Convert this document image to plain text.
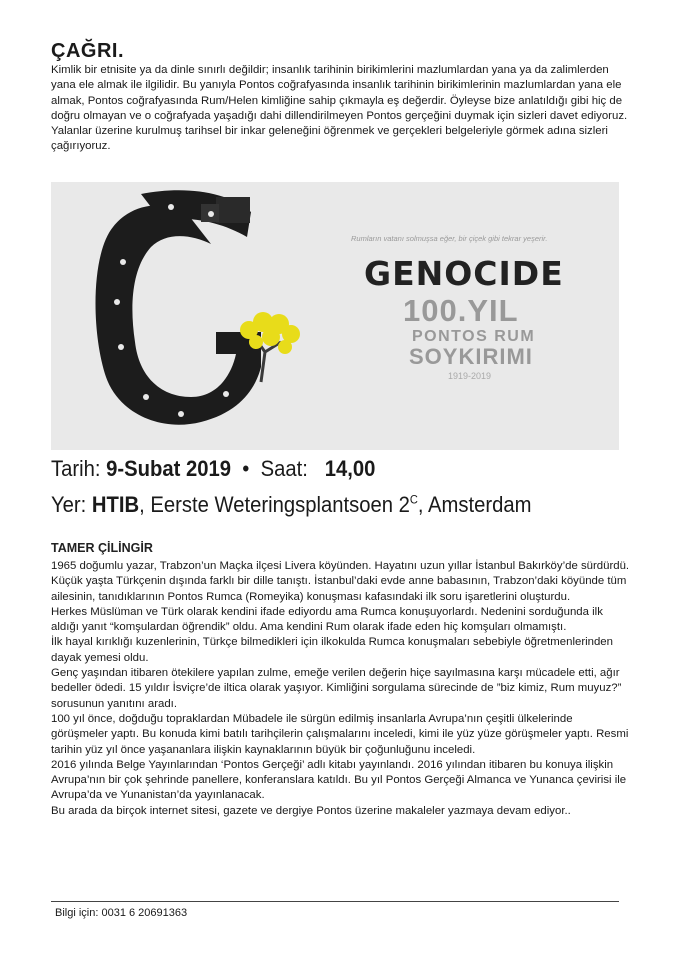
ÇAĞRI.

Kimlik bir etnisite ya da dinle sınırlı değildir; insanlık tarihinin birikimlerini mazlumlardan yana ya da zalimlerden yana ele almak ile ilgilidir. Bu yanıyla Pontos coğrafyasında insanlık tarihinin birikimlerinin mazlumlardan yana ele almak, Pontos coğrafyasında Rum/Helen kimliğine sahip çıkmayla eş değerdir. Öyleyse bize anlatıldığı gibi hiç de doğru olmayan ve o coğrafyada yaşadığı dahi dillendirilmeyen Pontos gerçeğini duymak için sizleri davet ediyoruz.

Yalanlar üzerine kurulmuş tarihsel bir inkar geleneğini öğrenmek ve gerçekleri belgeleriyle görmek adına sizleri çağırıyoruz.

Rumların vatanı solmuşsa eğer, bir çiçek gibi tekrar yeşerir.
GENOCIDE
100.YIL
PONTOS RUM
SOYKIRIMI
1919-2019
Tarih: 9-Subat 2019 • Saat: 14,00
Yer: HTIB, Eerste Weteringsplantsoen $2^C$, Amsterdam
TAMER ÇİLİNGİR

1965 doğumlu yazar, Trabzon’un Maçka ilçesi Livera köyünden. Hayatını uzun yıllar İstanbul Bakırköy’de sürdürdü. Küçük yaşta Türkçenin dışında farklı bir dille tanıştı. İstanbul’daki evde anne babasının, Trabzon’daki köyünde tüm ailesinin, tanıdıklarının Pontos Rumca (Romeyika) konuşması kafasındaki ilk soru işaretlerini oluşturdu.

Herkes Müslüman ve Türk olarak kendini ifade ediyordu ama Rumca konuşuyorlardı. Nedenini sorduğunda ilk aldığı yanıt “komşulardan öğrendik” oldu. Ama kendini Rum olarak ifade eden hiç komşuları olmamıştı.

İlk hayal kırıklığı kuzenlerinin, Türkçe bilmedikleri için ilkokulda Rumca konuşmaları sebebiyle öğretmenlerinden dayak yemesi oldu.

Genç yaşından itibaren ötekilere yapılan zulme, emeğe verilen değerin hiçe sayılmasına karşı mücadele etti, ağır bedeller ödedi. 15 yıldır İsviçre’de iltica olarak yaşıyor. Kimliğini sorgulama sürecinde de ”biz kimiz, Rum muyuz?” sorusunun yanıtını aradı.

100 yıl önce, doğduğu topraklardan Mübadele ile sürgün edilmiş insanlarla Avrupa’nın çeşitli ülkelerinde görüşmeler yaptı. Bu konuda kimi batılı tarihçilerin çalışmalarını inceledi, kimi ile yüz yüze görüşmeler yaptı. Resmi tarihin yüz yıl önce yaşananlara ilişkin kaynaklarının büyük bir çoğunluğunu inceledi.

2016 yılında Belge Yayınlarından ‘Pontos Gerçeği’ adlı kitabı yayınlandı. 2016 yılından itibaren bu konuya ilişkin Avrupa’nın bir çok şehrinde panellere, konferanslara katıldı. Bu yıl Pontos Gerçeği Almanca ve Yunanca çevirisi ile Avrupa’da ve Yunanistan’da yayınlanacak.

Bu arada da birçok internet sitesi, gazete ve dergiye Pontos üzerine makaleler yazmaya devam ediyor..

Bilgi için: 0031 6 20691363
